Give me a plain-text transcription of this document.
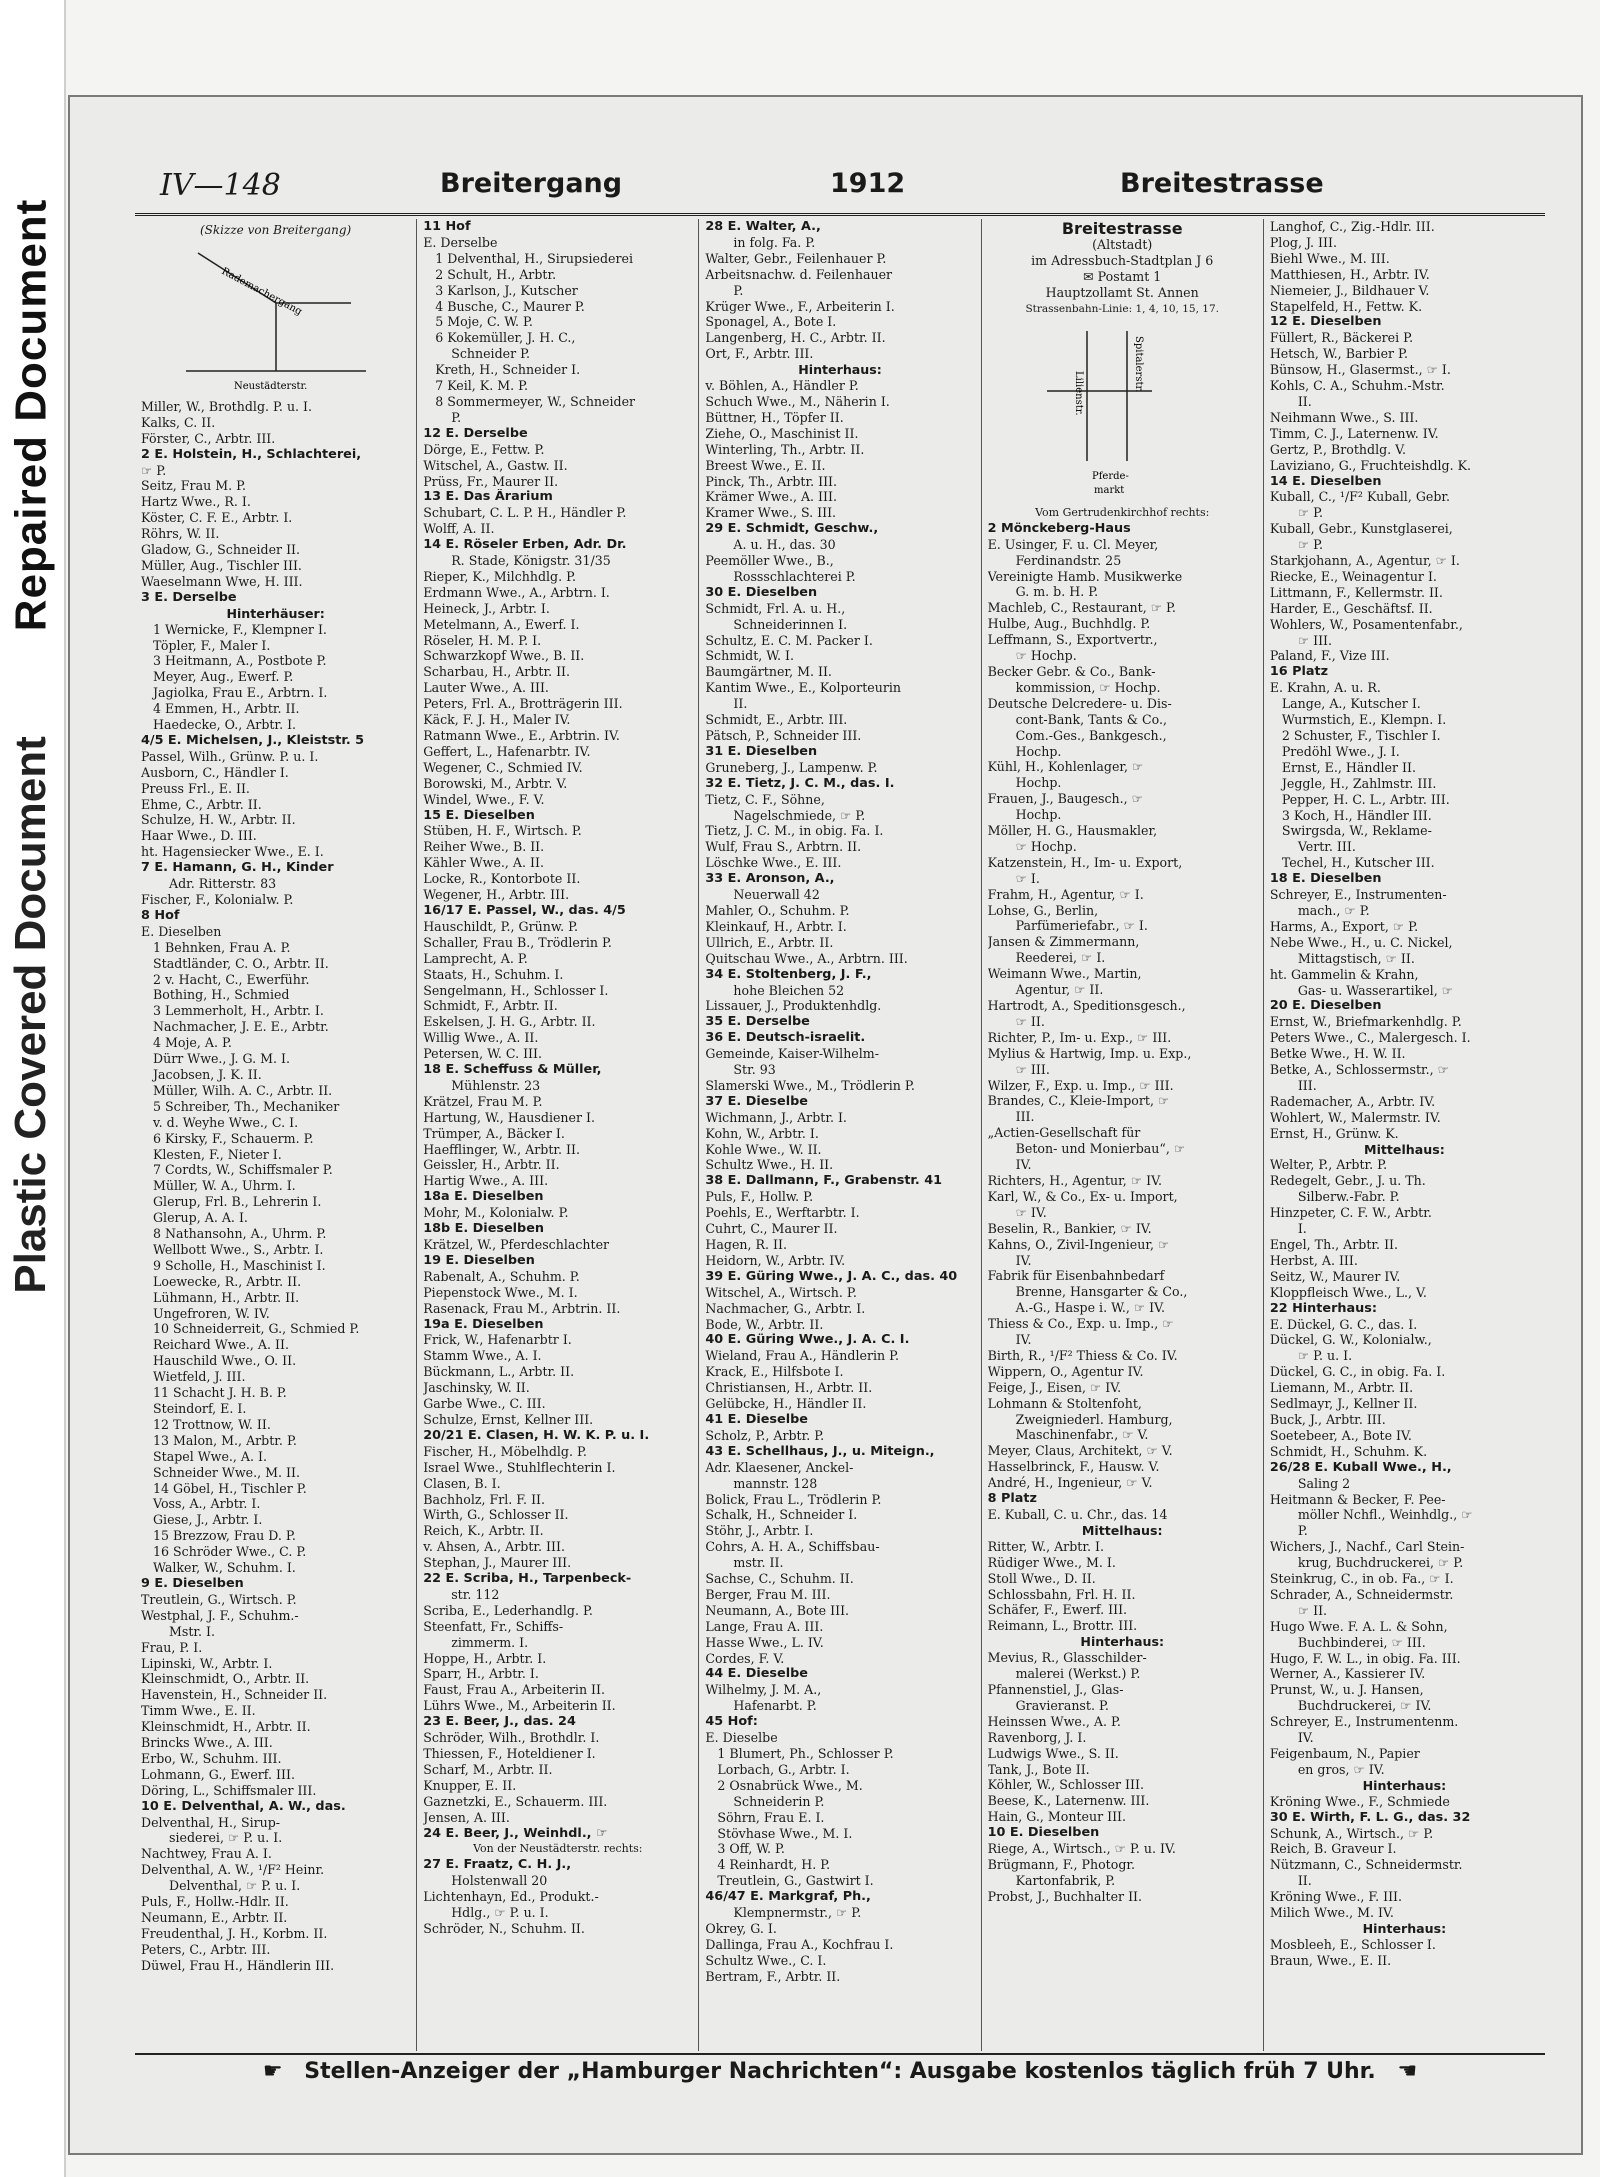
Repaired Document
Plastic Covered Document
IV—148	Breitergang	1912	Breitestrasse
(Skizze von Breitergang)
Rademachergang
Neustädterstr.
Miller, W., Brothdlg. P. u. I.
Kalks, C. II.
Förster, C., Arbtr. III.
2 E. Holstein, H., Schlachterei,
☞ P.
Seitz, Frau M. P.
Hartz Wwe., R. I.
Köster, C. F. E., Arbtr. I.
Röhrs, W. II.
Gladow, G., Schneider II.
Müller, Aug., Tischler III.
Waeselmann Wwe, H. III.
3 E. Derselbe
Hinterhäuser:
1 Wernicke, F., Klempner I.
Töpler, F., Maler I.
3 Heitmann, A., Postbote P.
Meyer, Aug., Ewerf. P.
Jagiolka, Frau E., Arbtrn. I.
4 Emmen, H., Arbtr. II.
Haedecke, O., Arbtr. I.
4/5 E. Michelsen, J., Kleiststr. 5
Passel, Wilh., Grünw. P. u. I.
Ausborn, C., Händler I.
Preuss Frl., E. II.
Ehme, C., Arbtr. II.
Schulze, H. W., Arbtr. II.
Haar Wwe., D. III.
ht. Hagensiecker Wwe., E. I.
7 E. Hamann, G. H., Kinder
Adr. Ritterstr. 83
Fischer, F., Kolonialw. P.
8 Hof
E. Dieselben
1 Behnken, Frau A. P.
Stadtländer, C. O., Arbtr. II.
2 v. Hacht, C., Ewerführ.
Bothing, H., Schmied
3 Lemmerholt, H., Arbtr. I.
Nachmacher, J. E. E., Arbtr.
4 Moje, A. P.
Dürr Wwe., J. G. M. I.
Jacobsen, J. K. II.
Müller, Wilh. A. C., Arbtr. II.
5 Schreiber, Th., Mechaniker
v. d. Weyhe Wwe., C. I.
6 Kirsky, F., Schauerm. P.
Klesten, F., Nieter I.
7 Cordts, W., Schiffsmaler P.
Müller, W. A., Uhrm. I.
Glerup, Frl. B., Lehrerin I.
Glerup, A. A. I.
8 Nathansohn, A., Uhrm. P.
Wellbott Wwe., S., Arbtr. I.
9 Scholle, H., Maschinist I.
Loewecke, R., Arbtr. II.
Lühmann, H., Arbtr. II.
Ungefroren, W. IV.
10 Schneiderreit, G., Schmied P.
Reichard Wwe., A. II.
Hauschild Wwe., O. II.
Wietfeld, J. III.
11 Schacht J. H. B. P.
Steindorf, E. I.
12 Trottnow, W. II.
13 Malon, M., Arbtr. P.
Stapel Wwe., A. I.
Schneider Wwe., M. II.
14 Göbel, H., Tischler P.
Voss, A., Arbtr. I.
Giese, J., Arbtr. I.
15 Brezzow, Frau D. P.
16 Schröder Wwe., C. P.
Walker, W., Schuhm. I.
9 E. Dieselben
Treutlein, G., Wirtsch. P.
Westphal, J. F., Schuhm.-
Mstr. I.
Frau, P. I.
Lipinski, W., Arbtr. I.
Kleinschmidt, O., Arbtr. II.
Havenstein, H., Schneider II.
Timm Wwe., E. II.
Kleinschmidt, H., Arbtr. II.
Brincks Wwe., A. III.
Erbo, W., Schuhm. III.
Lohmann, G., Ewerf. III.
Döring, L., Schiffsmaler III.
10 E. Delventhal, A. W., das.
Delventhal, H., Sirup-
siederei, ☞ P. u. I.
Nachtwey, Frau A. I.
Delventhal, A. W., ¹/F² Heinr.
Delventhal, ☞ P. u. I.
Puls, F., Hollw.-Hdlr. II.
Neumann, E., Arbtr. II.
Freudenthal, J. H., Korbm. II.
Peters, C., Arbtr. III.
Düwel, Frau H., Händlerin III.
11 Hof
E. Derselbe
1 Delventhal, H., Sirupsiederei
2 Schult, H., Arbtr.
3 Karlson, J., Kutscher
4 Busche, C., Maurer P.
5 Moje, C. W. P.
6 Kokemüller, J. H. C.,
Schneider P.
Kreth, H., Schneider I.
7 Keil, K. M. P.
8 Sommermeyer, W., Schneider
P.
12 E. Derselbe
Dörge, E., Fettw. P.
Witschel, A., Gastw. II.
Prüss, Fr., Maurer II.
13 E. Das Ärarium
Schubart, C. L. P. H., Händler P.
Wolff, A. II.
14 E. Röseler Erben, Adr. Dr.
R. Stade, Königstr. 31/35
Rieper, K., Milchhdlg. P.
Erdmann Wwe., A., Arbtrn. I.
Heineck, J., Arbtr. I.
Metelmann, A., Ewerf. I.
Röseler, H. M. P. I.
Schwarzkopf Wwe., B. II.
Scharbau, H., Arbtr. II.
Lauter Wwe., A. III.
Peters, Frl. A., Brotträgerin III.
Käck, F. J. H., Maler IV.
Ratmann Wwe., E., Arbtrin. IV.
Geffert, L., Hafenarbtr. IV.
Wegener, C., Schmied IV.
Borowski, M., Arbtr. V.
Windel, Wwe., F. V.
15 E. Dieselben
Stüben, H. F., Wirtsch. P.
Reiher Wwe., B. II.
Kähler Wwe., A. II.
Locke, R., Kontorbote II.
Wegener, H., Arbtr. III.
16/17 E. Passel, W., das. 4/5
Hauschildt, P., Grünw. P.
Schaller, Frau B., Trödlerin P.
Lamprecht, A. P.
Staats, H., Schuhm. I.
Sengelmann, H., Schlosser I.
Schmidt, F., Arbtr. II.
Eskelsen, J. H. G., Arbtr. II.
Willig Wwe., A. II.
Petersen, W. C. III.
18 E. Scheffuss & Müller,
Mühlenstr. 23
Krätzel, Frau M. P.
Hartung, W., Hausdiener I.
Trümper, A., Bäcker I.
Haefflinger, W., Arbtr. II.
Geissler, H., Arbtr. II.
Hartig Wwe., A. III.
18a E. Dieselben
Mohr, M., Kolonialw. P.
18b E. Dieselben
Krätzel, W., Pferdeschlachter
19 E. Dieselben
Rabenalt, A., Schuhm. P.
Piepenstock Wwe., M. I.
Rasenack, Frau M., Arbtrin. II.
19a E. Dieselben
Frick, W., Hafenarbtr I.
Stamm Wwe., A. I.
Bückmann, L., Arbtr. II.
Jaschinsky, W. II.
Garbe Wwe., C. III.
Schulze, Ernst, Kellner III.
20/21 E. Clasen, H. W. K. P. u. I.
Fischer, H., Möbelhdlg. P.
Israel Wwe., Stuhlflechterin I.
Clasen, B. I.
Bachholz, Frl. F. II.
Wirth, G., Schlosser II.
Reich, K., Arbtr. II.
v. Ahsen, A., Arbtr. III.
Stephan, J., Maurer III.
22 E. Scriba, H., Tarpenbeck-
str. 112
Scriba, E., Lederhandlg. P.
Steenfatt, Fr., Schiffs-
zimmerm. I.
Hoppe, H., Arbtr. I.
Sparr, H., Arbtr. I.
Faust, Frau A., Arbeiterin II.
Lührs Wwe., M., Arbeiterin II.
23 E. Beer, J., das. 24
Schröder, Wilh., Brothdlr. I.
Thiessen, F., Hoteldiener I.
Scharf, M., Arbtr. II.
Knupper, E. II.
Gaznetzki, E., Schauerm. III.
Jensen, A. III.
24 E. Beer, J., Weinhdl., ☞
Von der Neustädterstr. rechts:
27 E. Fraatz, C. H. J.,
Holstenwall 20
Lichtenhayn, Ed., Produkt.-
Hdlg., ☞ P. u. I.
Schröder, N., Schuhm. II.
28 E. Walter, A.,
in folg. Fa. P.
Walter, Gebr., Feilenhauer P.
Arbeitsnachw. d. Feilenhauer
P.
Krüger Wwe., F., Arbeiterin I.
Sponagel, A., Bote I.
Langenberg, H. C., Arbtr. II.
Ort, F., Arbtr. III.
Hinterhaus:
v. Böhlen, A., Händler P.
Schuch Wwe., M., Näherin I.
Büttner, H., Töpfer II.
Ziehe, O., Maschinist II.
Winterling, Th., Arbtr. II.
Breest Wwe., E. II.
Pinck, Th., Arbtr. III.
Krämer Wwe., A. III.
Kramer Wwe., S. III.
29 E. Schmidt, Geschw.,
A. u. H., das. 30
Peemöller Wwe., B.,
Rossschlachterei P.
30 E. Dieselben
Schmidt, Frl. A. u. H.,
Schneiderinnen I.
Schultz, E. C. M. Packer I.
Schmidt, W. I.
Baumgärtner, M. II.
Kantim Wwe., E., Kolporteurin
II.
Schmidt, E., Arbtr. III.
Pätsch, P., Schneider III.
31 E. Dieselben
Gruneberg, J., Lampenw. P.
32 E. Tietz, J. C. M., das. I.
Tietz, C. F., Söhne,
Nagelschmiede, ☞ P.
Tietz, J. C. M., in obig. Fa. I.
Wulf, Frau S., Arbtrn. II.
Löschke Wwe., E. III.
33 E. Aronson, A.,
Neuerwall 42
Mahler, O., Schuhm. P.
Kleinkauf, H., Arbtr. I.
Ullrich, E., Arbtr. II.
Quitschau Wwe., A., Arbtrn. III.
34 E. Stoltenberg, J. F.,
hohe Bleichen 52
Lissauer, J., Produktenhdlg.
35 E. Derselbe
36 E. Deutsch-israelit.
Gemeinde, Kaiser-Wilhelm-
Str. 93
Slamerski Wwe., M., Trödlerin P.
37 E. Dieselbe
Wichmann, J., Arbtr. I.
Kohn, W., Arbtr. I.
Kohle Wwe., W. II.
Schultz Wwe., H. II.
38 E. Dallmann, F., Grabenstr. 41
Puls, F., Hollw. P.
Poehls, E., Werftarbtr. I.
Cuhrt, C., Maurer II.
Hagen, R. II.
Heidorn, W., Arbtr. IV.
39 E. Güring Wwe., J. A. C., das. 40
Witschel, A., Wirtsch. P.
Nachmacher, G., Arbtr. I.
Bode, W., Arbtr. II.
40 E. Güring Wwe., J. A. C. I.
Wieland, Frau A., Händlerin P.
Krack, E., Hilfsbote I.
Christiansen, H., Arbtr. II.
Gelübcke, H., Händler II.
41 E. Dieselbe
Scholz, P., Arbtr. P.
43 E. Schellhaus, J., u. Miteign.,
Adr. Klaesener, Anckel-
mannstr. 128
Bolick, Frau L., Trödlerin P.
Schalk, H., Schneider I.
Stöhr, J., Arbtr. I.
Cohrs, A. H. A., Schiffsbau-
mstr. II.
Sachse, C., Schuhm. II.
Berger, Frau M. III.
Neumann, A., Bote III.
Lange, Frau A. III.
Hasse Wwe., L. IV.
Cordes, F. V.
44 E. Dieselbe
Wilhelmy, J. M. A.,
Hafenarbt. P.
45 Hof:
E. Dieselbe
1 Blumert, Ph., Schlosser P.
Lorbach, G., Arbtr. I.
2 Osnabrück Wwe., M.
Schneiderin P.
Söhrn, Frau E. I.
Stövhase Wwe., M. I.
3 Off, W. P.
4 Reinhardt, H. P.
Treutlein, G., Gastwirt I.
46/47 E. Markgraf, Ph.,
Klempnermstr., ☞ P.
Okrey, G. I.
Dallinga, Frau A., Kochfrau I.
Schultz Wwe., C. I.
Bertram, F., Arbtr. II.
Breitestrasse
(Altstadt)
im Adressbuch-Stadtplan J 6
✉ Postamt 1
Hauptzollamt St. Annen
Strassenbahn-Linie: 1, 4, 10, 15, 17.
Lilienstr.
Spitalerstr.
Pferde-
markt
Vom Gertrudenkirchhof rechts:
2 Mönckeberg-Haus
E. Usinger, F. u. Cl. Meyer,
Ferdinandstr. 25
Vereinigte Hamb. Musikwerke
G. m. b. H. P.
Machleb, C., Restaurant, ☞ P.
Hulbe, Aug., Buchhdlg. P.
Leffmann, S., Exportvertr.,
☞ Hochp.
Becker Gebr. & Co., Bank-
kommission, ☞ Hochp.
Deutsche Delcredere- u. Dis-
cont-Bank, Tants & Co.,
Com.-Ges., Bankgesch.,
Hochp.
Kühl, H., Kohlenlager, ☞
Hochp.
Frauen, J., Baugesch., ☞
Hochp.
Möller, H. G., Hausmakler,
☞ Hochp.
Katzenstein, H., Im- u. Export,
☞ I.
Frahm, H., Agentur, ☞ I.
Lohse, G., Berlin,
Parfümeriefabr., ☞ I.
Jansen & Zimmermann,
Reederei, ☞ I.
Weimann Wwe., Martin,
Agentur, ☞ II.
Hartrodt, A., Speditionsgesch.,
☞ II.
Richter, P., Im- u. Exp., ☞ III.
Mylius & Hartwig, Imp. u. Exp.,
☞ III.
Wilzer, F., Exp. u. Imp., ☞ III.
Brandes, C., Kleie-Import, ☞
III.
„Actien-Gesellschaft für
Beton- und Monierbau“, ☞
IV.
Richters, H., Agentur, ☞ IV.
Karl, W., & Co., Ex- u. Import,
☞ IV.
Beselin, R., Bankier, ☞ IV.
Kahns, O., Zivil-Ingenieur, ☞
IV.
Fabrik für Eisenbahnbedarf
Brenne, Hansgarter & Co.,
A.-G., Haspe i. W., ☞ IV.
Thiess & Co., Exp. u. Imp., ☞
IV.
Birth, R., ¹/F² Thiess & Co. IV.
Wippern, O., Agentur IV.
Feige, J., Eisen, ☞ IV.
Lohmann & Stoltenfoht,
Zweigniederl. Hamburg,
Maschinenfabr., ☞ V.
Meyer, Claus, Architekt, ☞ V.
Hasselbrinck, F., Hausw. V.
André, H., Ingenieur, ☞ V.
8 Platz
E. Kuball, C. u. Chr., das. 14
Mittelhaus:
Ritter, W., Arbtr. I.
Rüdiger Wwe., M. I.
Stoll Wwe., D. II.
Schlossbahn, Frl. H. II.
Schäfer, F., Ewerf. III.
Reimann, L., Brottr. III.
Hinterhaus:
Mevius, R., Glasschilder-
malerei (Werkst.) P.
Pfannenstiel, J., Glas-
Gravieranst. P.
Heinssen Wwe., A. P.
Ravenborg, J. I.
Ludwigs Wwe., S. II.
Tank, J., Bote II.
Köhler, W., Schlosser III.
Beese, K., Laternenw. III.
Hain, G., Monteur III.
10 E. Dieselben
Riege, A., Wirtsch., ☞ P. u. IV.
Brügmann, F., Photogr.
Kartonfabrik, P.
Probst, J., Buchhalter II.
Langhof, C., Zig.-Hdlr. III.
Plog, J. III.
Biehl Wwe., M. III.
Matthiesen, H., Arbtr. IV.
Niemeier, J., Bildhauer V.
Stapelfeld, H., Fettw. K.
12 E. Dieselben
Füllert, R., Bäckerei P.
Hetsch, W., Barbier P.
Bünsow, H., Glasermst., ☞ I.
Kohls, C. A., Schuhm.-Mstr.
II.
Neihmann Wwe., S. III.
Timm, C. J., Laternenw. IV.
Gertz, P., Brothdlg. V.
Laviziano, G., Fruchteishdlg. K.
14 E. Dieselben
Kuball, C., ¹/F² Kuball, Gebr.
☞ P.
Kuball, Gebr., Kunstglaserei,
☞ P.
Starkjohann, A., Agentur, ☞ I.
Riecke, E., Weinagentur I.
Littmann, F., Kellermstr. II.
Harder, E., Geschäftsf. II.
Wohlers, W., Posamentenfabr.,
☞ III.
Paland, F., Vize III.
16 Platz
E. Krahn, A. u. R.
Lange, A., Kutscher I.
Wurmstich, E., Klempn. I.
2 Schuster, F., Tischler I.
Predöhl Wwe., J. I.
Ernst, E., Händler II.
Jeggle, H., Zahlmstr. III.
Pepper, H. C. L., Arbtr. III.
3 Koch, H., Händler III.
Swirgsda, W., Reklame-
Vertr. III.
Techel, H., Kutscher III.
18 E. Dieselben
Schreyer, E., Instrumenten-
mach., ☞ P.
Harms, A., Export, ☞ P.
Nebe Wwe., H., u. C. Nickel,
Mittagstisch, ☞ II.
ht. Gammelin & Krahn,
Gas- u. Wasserartikel, ☞
20 E. Dieselben
Ernst, W., Briefmarkenhdlg. P.
Peters Wwe., C., Malergesch. I.
Betke Wwe., H. W. II.
Betke, A., Schlossermstr., ☞
III.
Rademacher, A., Arbtr. IV.
Wohlert, W., Malermstr. IV.
Ernst, H., Grünw. K.
Mittelhaus:
Welter, P., Arbtr. P.
Redegelt, Gebr., J. u. Th.
Silberw.-Fabr. P.
Hinzpeter, C. F. W., Arbtr.
I.
Engel, Th., Arbtr. II.
Herbst, A. III.
Seitz, W., Maurer IV.
Kloppfleisch Wwe., L., V.
22 Hinterhaus:
E. Dückel, G. C., das. I.
Dückel, G. W., Kolonialw.,
☞ P. u. I.
Dückel, G. C., in obig. Fa. I.
Liemann, M., Arbtr. II.
Sedlmayr, J., Kellner II.
Buck, J., Arbtr. III.
Soetebeer, A., Bote IV.
Schmidt, H., Schuhm. K.
26/28 E. Kuball Wwe., H.,
Saling 2
Heitmann & Becker, F. Pee-
möller Nchfl., Weinhdlg., ☞
P.
Wichers, J., Nachf., Carl Stein-
krug, Buchdruckerei, ☞ P.
Steinkrug, C., in ob. Fa., ☞ I.
Schrader, A., Schneidermstr.
☞ II.
Hugo Wwe. F. A. L. & Sohn,
Buchbinderei, ☞ III.
Hugo, F. W. L., in obig. Fa. III.
Werner, A., Kassierer IV.
Prunst, W., u. J. Hansen,
Buchdruckerei, ☞ IV.
Schreyer, E., Instrumentenm.
IV.
Feigenbaum, N., Papier
en gros, ☞ IV.
Hinterhaus:
Kröning Wwe., F., Schmiede
30 E. Wirth, F. L. G., das. 32
Schunk, A., Wirtsch., ☞ P.
Reich, B. Graveur I.
Nützmann, C., Schneidermstr.
II.
Kröning Wwe., F. III.
Milich Wwe., M. IV.
Hinterhaus:
Mosbleeh, E., Schlosser I.
Braun, Wwe., E. II.
☛ Stellen-Anzeiger der „Hamburger Nachrichten“: Ausgabe kostenlos täglich früh 7 Uhr. ☚
